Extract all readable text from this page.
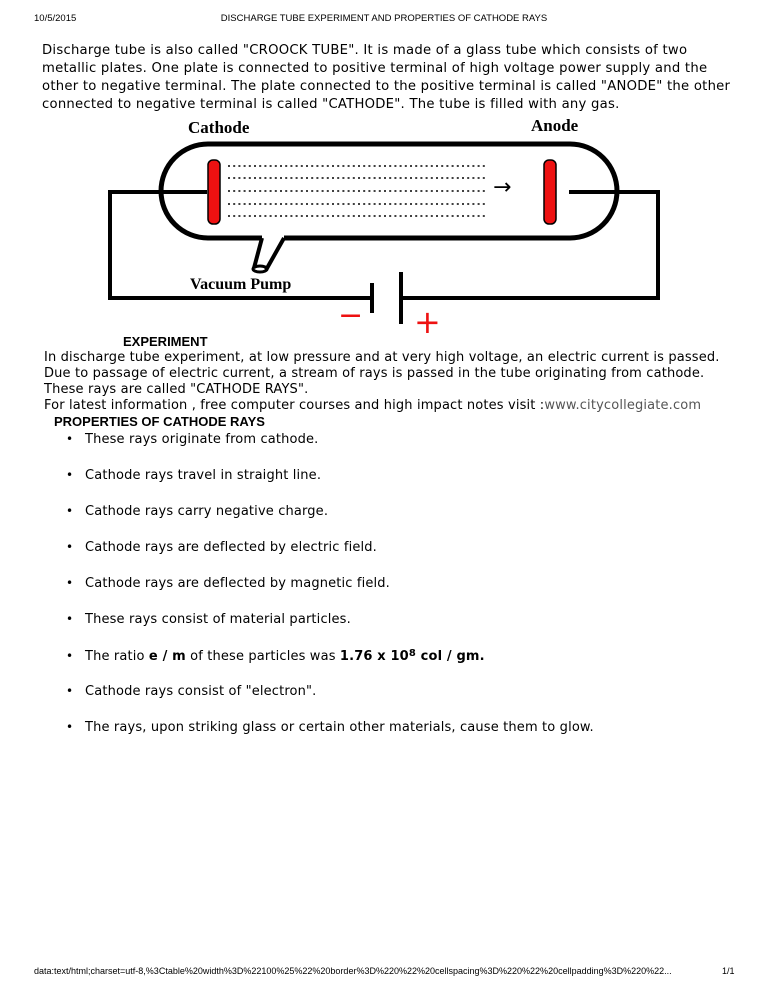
10/5/2015	DISCHARGE TUBE EXPERIMENT AND PROPERTIES OF CATHODE RAYS

Discharge tube is also called "CROOCK TUBE". It is made of a glass tube which consists of two

metallic plates. One plate is connected to positive terminal of high voltage power supply and the

other to negative terminal. The plate connected to the positive terminal is called "ANODE" the other

connected to negative terminal is called "CATHODE". The tube is filled with any gas.

Cathode	Anode
Vacuum Pump
→
− +
EXPERIMENT

In discharge tube experiment, at low pressure and at very high voltage, an electric current is passed.

Due to passage of electric current, a stream of rays is passed in the tube originating from cathode.

These rays are called "CATHODE RAYS".

For latest information , free computer courses and high impact notes visit :www.citycollegiate.com

PROPERTIES OF CATHODE RAYS
• These rays originate from cathode.
• Cathode rays travel in straight line.
• Cathode rays carry negative charge.
• Cathode rays are deflected by electric field.
• Cathode rays are deflected by magnetic field.
• These rays consist of material particles.
• The ratio e / m of these particles was 1.76 x $10^8$ col / gm.
• Cathode rays consist of "electron".
• The rays, upon striking glass or certain other materials, cause them to glow.
data:text/html;charset=utf-8,%3Ctable%20width%3D%22100%25%22%20border%3D%220%22%20cellspacing%3D%220%22%20cellpadding%3D%220%22...	1/1
